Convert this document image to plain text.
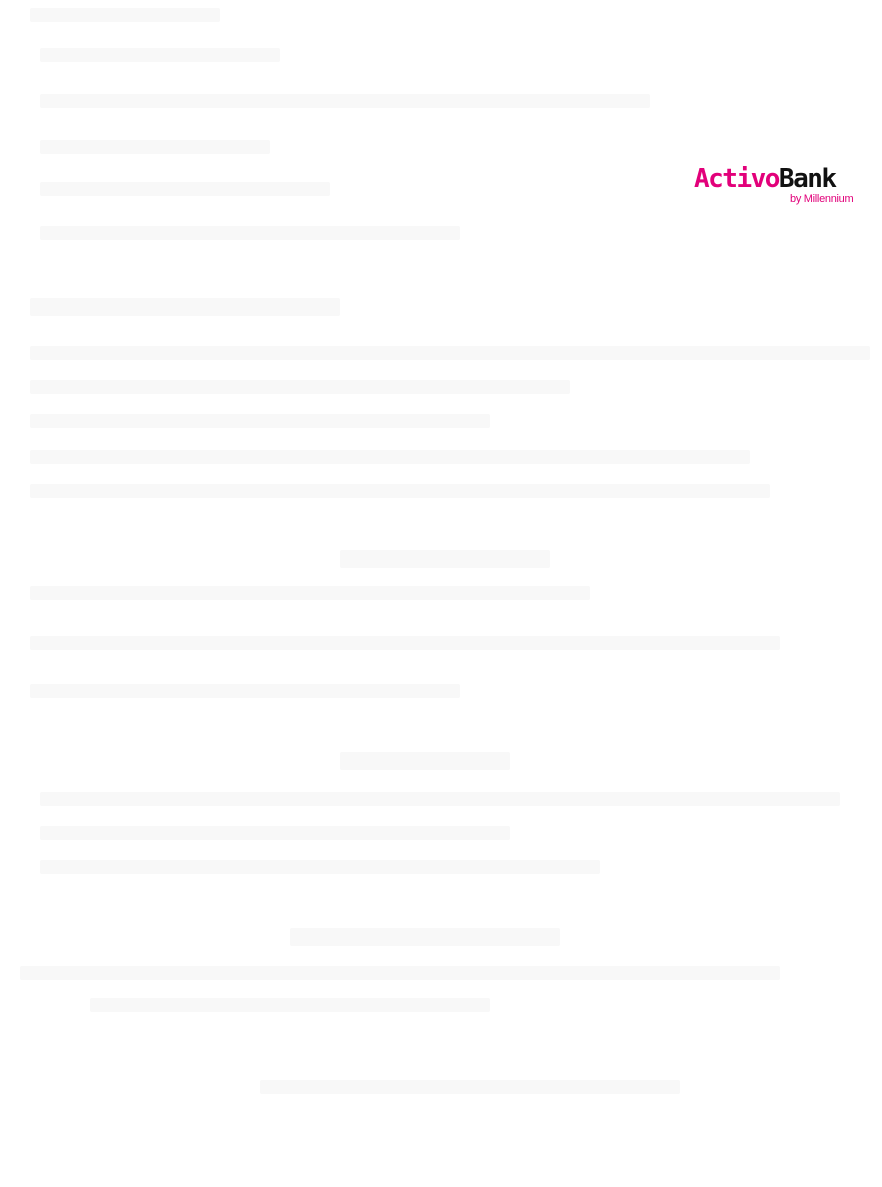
ActivoBank
by Millennium
